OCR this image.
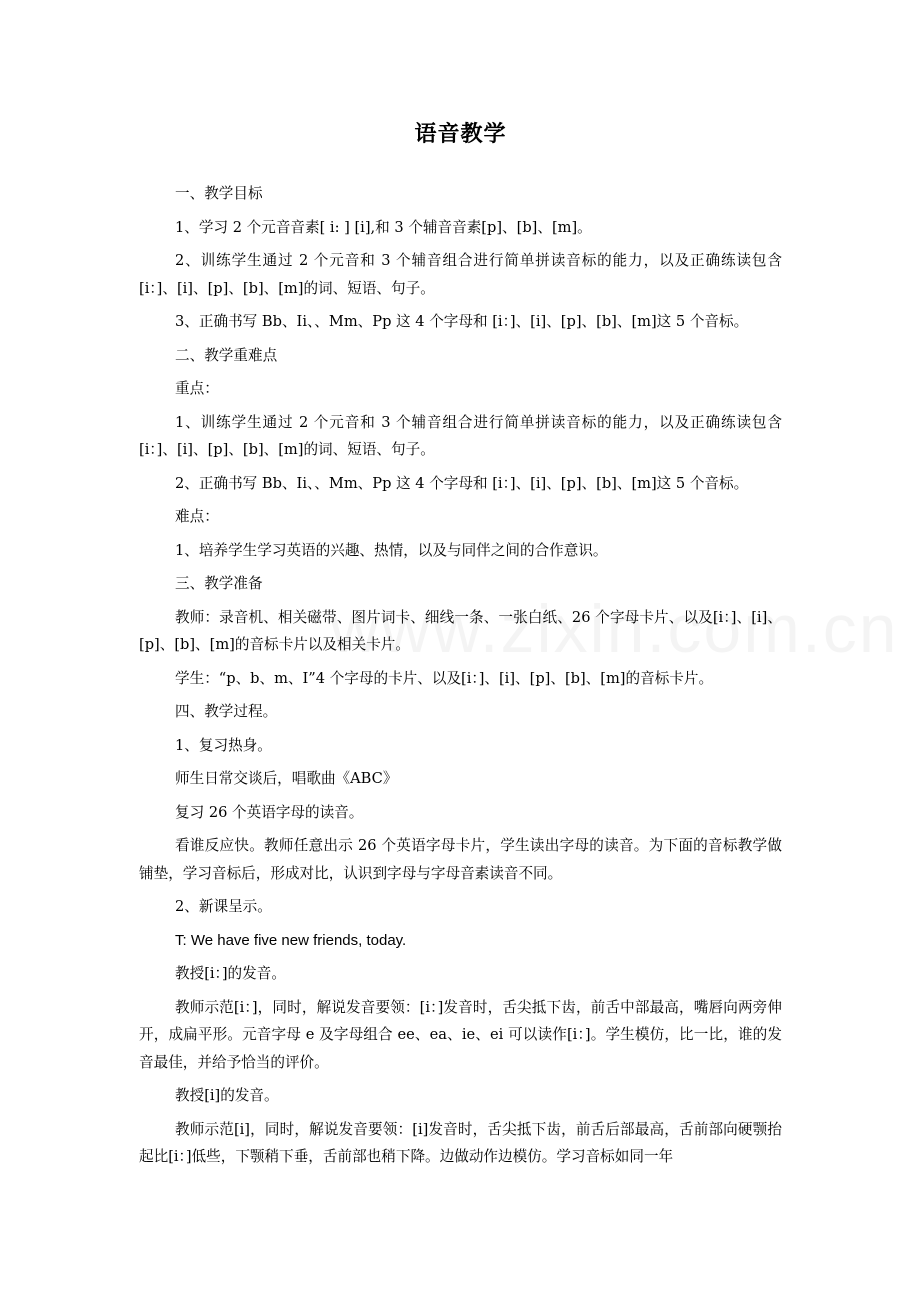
语音教学

一、教学目标

1、学习 2 个元音音素[ i: ] [i],和 3 个辅音音素[p]、[b]、[m]。

2、训练学生通过 2 个元音和 3 个辅音组合进行简单拼读音标的能力，以及正确练读包含[i：]、[i]、[p]、[b]、[m]的词、短语、句子。

3、正确书写 Bb、Ii、、Mm、Pp 这 4 个字母和 [i：]、[i]、[p]、[b]、[m]这 5 个音标。

二、教学重难点

重点：

1、训练学生通过 2 个元音和 3 个辅音组合进行简单拼读音标的能力，以及正确练读包含[i：]、[i]、[p]、[b]、[m]的词、短语、句子。

2、正确书写 Bb、Ii、、Mm、Pp 这 4 个字母和 [i：]、[i]、[p]、[b]、[m]这 5 个音标。

难点：

1、培养学生学习英语的兴趣、热情，以及与同伴之间的合作意识。

三、教学准备

教师：录音机、相关磁带、图片词卡、细线一条、一张白纸、26 个字母卡片、以及[i：]、[i]、[p]、[b]、[m]的音标卡片以及相关卡片。

学生：“p、b、m、I”4 个字母的卡片、以及[i：]、[i]、[p]、[b]、[m]的音标卡片。

四、教学过程。

1、复习热身。

师生日常交谈后，唱歌曲《ABC》

复习 26 个英语字母的读音。

看谁反应快。教师任意出示 26 个英语字母卡片，学生读出字母的读音。为下面的音标教学做铺垫，学习音标后，形成对比，认识到字母与字母音素读音不同。

2、新课呈示。

T: We have five new friends, today.

教授[i：]的发音。

教师示范[i：]，同时，解说发音要领：[i：]发音时，舌尖抵下齿，前舌中部最高，嘴唇向两旁伸开，成扁平形。元音字母 e 及字母组合 ee、ea、ie、ei 可以读作[i：]。学生模仿，比一比，谁的发音最佳，并给予恰当的评价。

教授[i]的发音。

教师示范[i]，同时，解说发音要领：[i]发音时，舌尖抵下齿，前舌后部最高，舌前部向硬颚抬起比[i：]低些，下颚稍下垂，舌前部也稍下降。边做动作边模仿。学习音标如同一年
